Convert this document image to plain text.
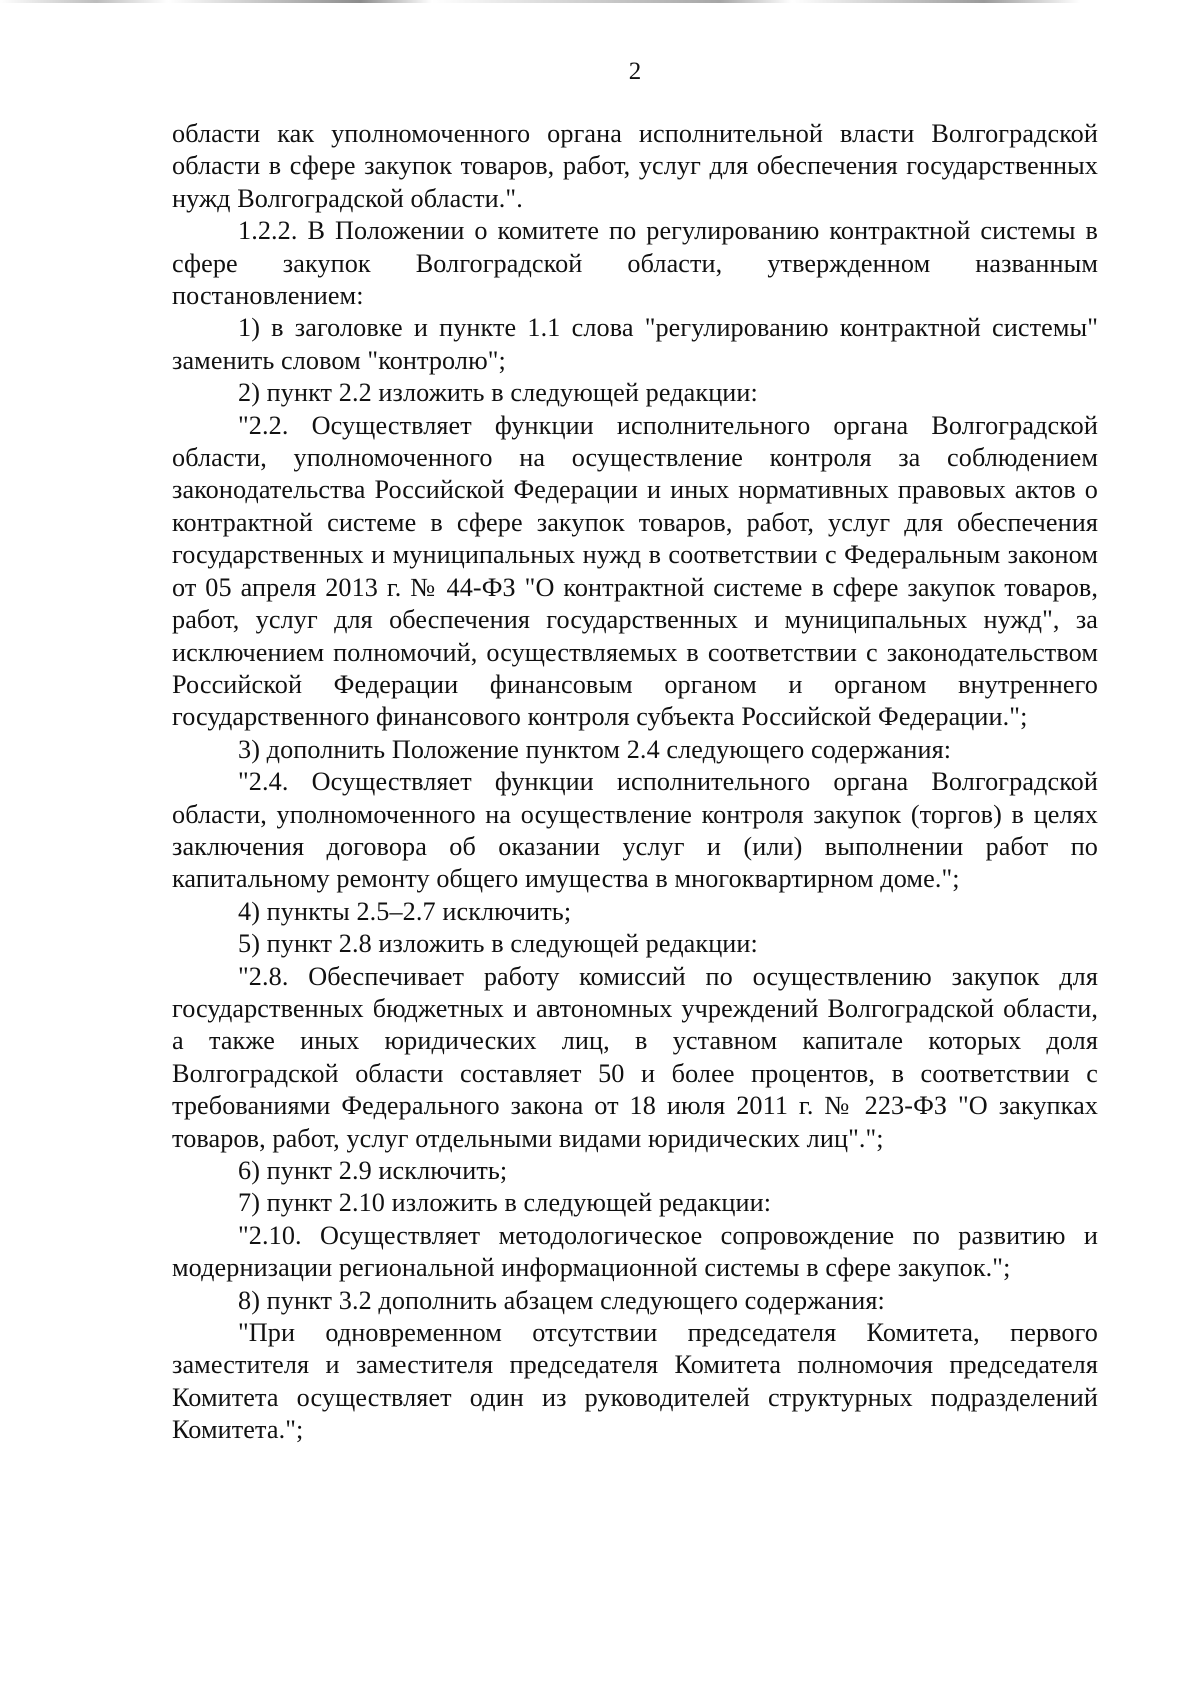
2

области как уполномоченного органа исполнительной власти Волгоградской области в сфере закупок товаров, работ, услуг для обеспечения государственных нужд Волгоградской области.".

1.2.2. В Положении о комитете по регулированию контрактной системы в сфере закупок Волгоградской области, утвержденном названным постановлением:

1) в заголовке и пункте 1.1 слова "регулированию контрактной системы" заменить словом "контролю";

2) пункт 2.2 изложить в следующей редакции:

"2.2. Осуществляет функции исполнительного органа Волгоградской области, уполномоченного на осуществление контроля за соблюдением законодательства Российской Федерации и иных нормативных правовых актов о контрактной системе в сфере закупок товаров, работ, услуг для обеспечения государственных и муниципальных нужд в соответствии с Федеральным законом от 05 апреля 2013 г. № 44-ФЗ "О контрактной системе в сфере закупок товаров, работ, услуг для обеспечения государственных и муниципальных нужд", за исключением полномочий, осуществляемых в соответствии с законодательством Российской Федерации финансовым органом и органом внутреннего государственного финансового контроля субъекта Российской Федерации.";

3) дополнить Положение пунктом 2.4 следующего содержания:

"2.4. Осуществляет функции исполнительного органа Волгоградской области, уполномоченного на осуществление контроля закупок (торгов) в целях заключения договора об оказании услуг и (или) выполнении работ по капитальному ремонту общего имущества в многоквартирном доме.";

4) пункты 2.5–2.7 исключить;

5) пункт 2.8 изложить в следующей редакции:

"2.8. Обеспечивает работу комиссий по осуществлению закупок для государственных бюджетных и автономных учреждений Волгоградской области, а также иных юридических лиц, в уставном капитале которых доля Волгоградской области составляет 50 и более процентов, в соответствии с требованиями Федерального закона от 18 июля 2011 г. № 223-ФЗ "О закупках товаров, работ, услуг отдельными видами юридических лиц".";

6) пункт 2.9 исключить;

7) пункт 2.10 изложить в следующей редакции:

"2.10. Осуществляет методологическое сопровождение по развитию и модернизации региональной информационной системы в сфере закупок.";

8) пункт 3.2 дополнить абзацем следующего содержания:

"При одновременном отсутствии председателя Комитета, первого заместителя и заместителя председателя Комитета полномочия председателя Комитета осуществляет один из руководителей структурных подразделений Комитета.";
